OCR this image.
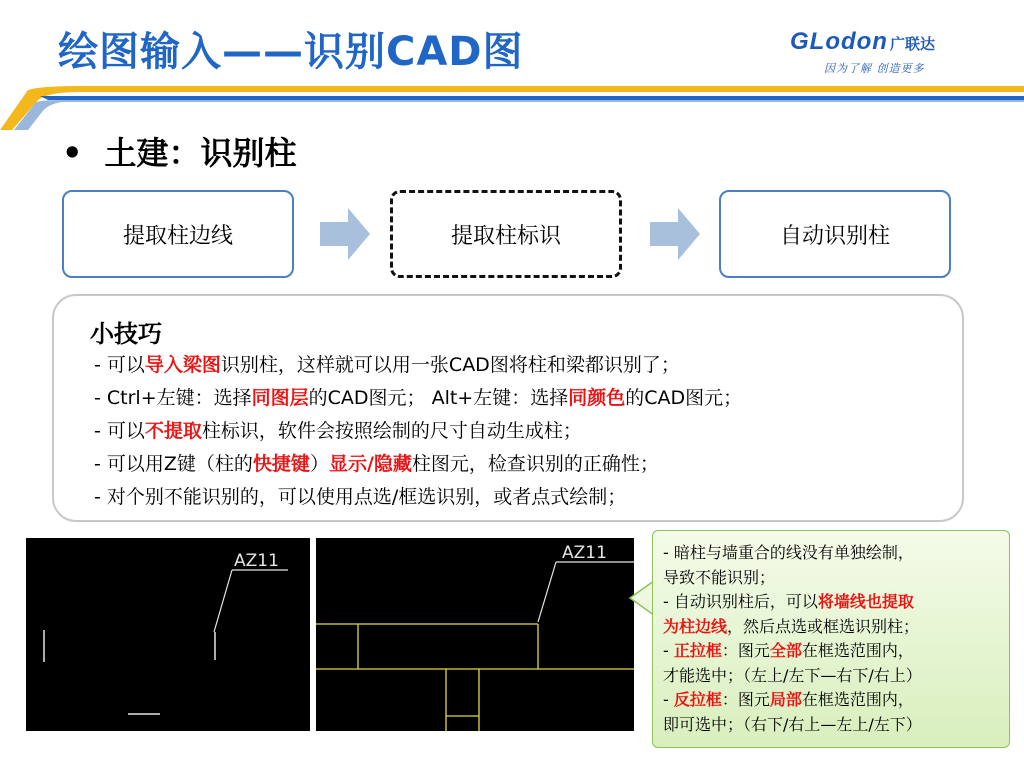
绘图输入——识别CAD图	GLodon 广联达
因为了解 创造更多
• 土建：识别柱
提取柱边线	提取柱标识	自动识别柱
小技巧
- 可以导入梁图识别柱，这样就可以用一张CAD图将柱和梁都识别了；
- Ctrl+左键：选择同图层的CAD图元； Alt+左键：选择同颜色的CAD图元；
- 可以不提取柱标识，软件会按照绘制的尺寸自动生成柱；
- 可以用Z键（柱的快捷键）显示/隐藏柱图元，检查识别的正确性；
- 对个别不能识别的，可以使用点选/框选识别，或者点式绘制；
AZ11	AZ11	- 暗柱与墙重合的线没有单独绘制，
导致不能识别；
- 自动识别柱后，可以将墙线也提取
为柱边线，然后点选或框选识别柱；
- 正拉框：图元全部在框选范围内，
才能选中；（左上/左下—右下/右上）
- 反拉框：图元局部在框选范围内，
即可选中；（右下/右上—左上/左下）
